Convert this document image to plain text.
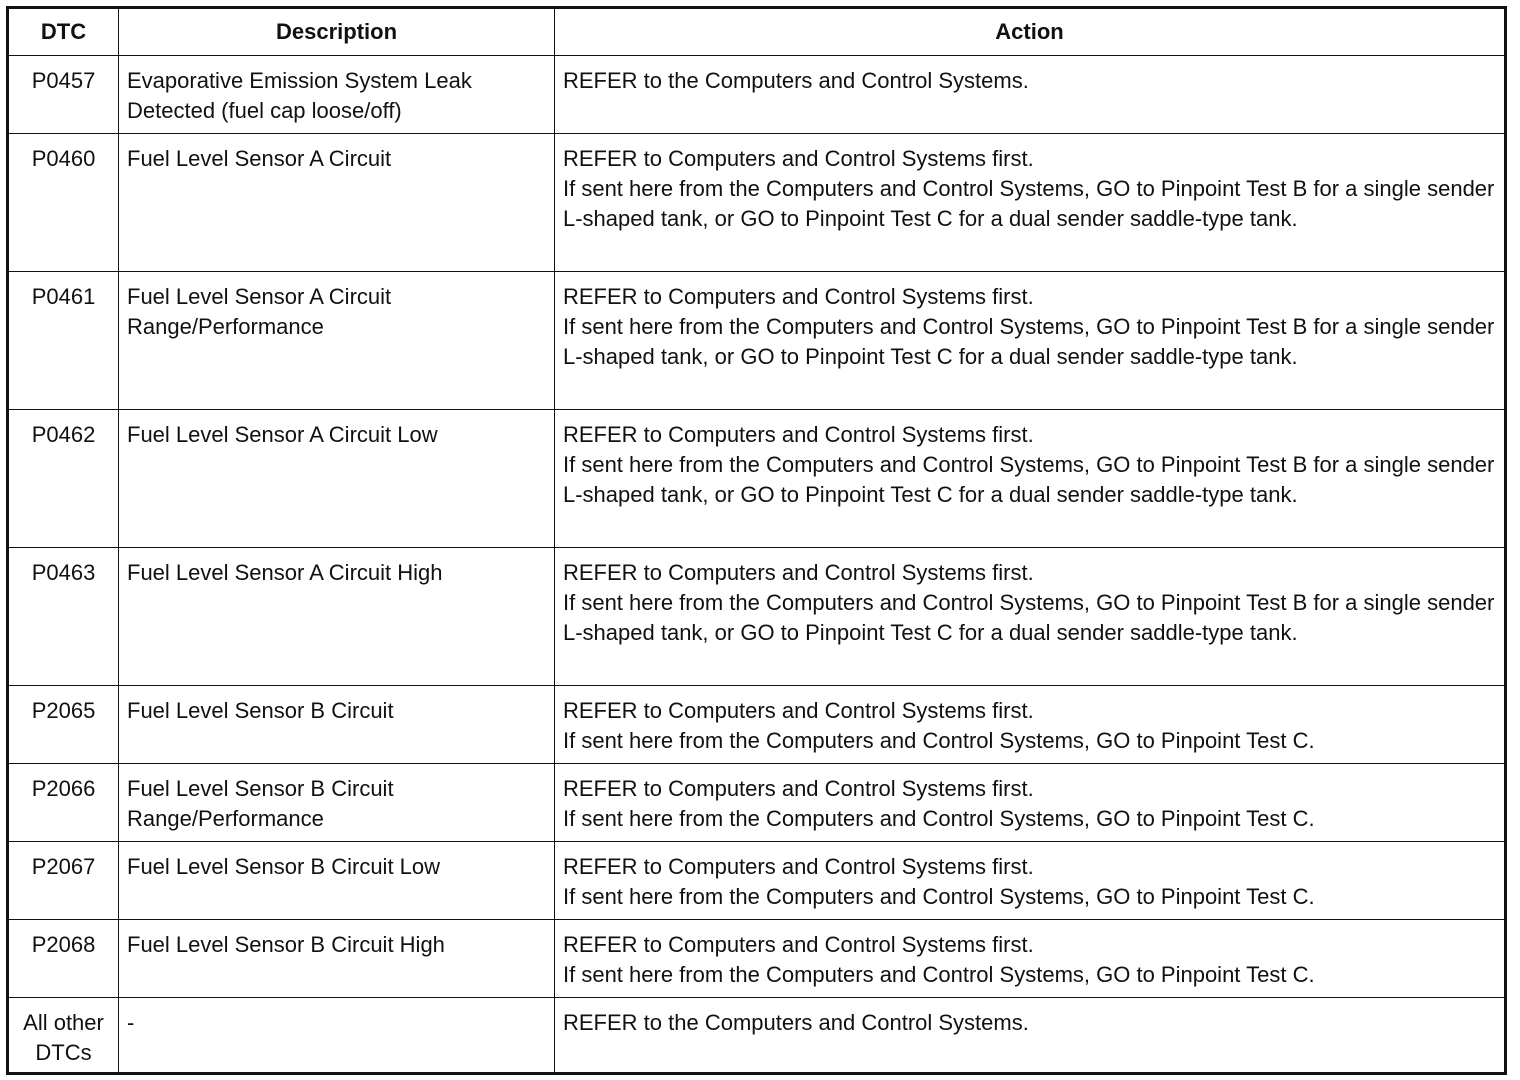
DTC	Description	Action
P0457	Evaporative Emission System Leak Detected (fuel cap loose/off)	REFER to the Computers and Control Systems.

P0460	Fuel Level Sensor A Circuit	REFER to Computers and Control Systems first.
If sent here from the Computers and Control Systems, GO to Pinpoint Test B for a single sender L-shaped tank, or GO to Pinpoint Test C for a dual sender saddle-type tank.

P0461	Fuel Level Sensor A Circuit Range/Performance	REFER to Computers and Control Systems first.
If sent here from the Computers and Control Systems, GO to Pinpoint Test B for a single sender L-shaped tank, or GO to Pinpoint Test C for a dual sender saddle-type tank.

P0462	Fuel Level Sensor A Circuit Low	REFER to Computers and Control Systems first.
If sent here from the Computers and Control Systems, GO to Pinpoint Test B for a single sender L-shaped tank, or GO to Pinpoint Test C for a dual sender saddle-type tank.

P0463	Fuel Level Sensor A Circuit High	REFER to Computers and Control Systems first.
If sent here from the Computers and Control Systems, GO to Pinpoint Test B for a single sender L-shaped tank, or GO to Pinpoint Test C for a dual sender saddle-type tank.

P2065	Fuel Level Sensor B Circuit	REFER to Computers and Control Systems first.
If sent here from the Computers and Control Systems, GO to Pinpoint Test C.

P2066	Fuel Level Sensor B Circuit Range/Performance	REFER to Computers and Control Systems first.
If sent here from the Computers and Control Systems, GO to Pinpoint Test C.

P2067	Fuel Level Sensor B Circuit Low	REFER to Computers and Control Systems first.
If sent here from the Computers and Control Systems, GO to Pinpoint Test C.

P2068	Fuel Level Sensor B Circuit High	REFER to Computers and Control Systems first.
If sent here from the Computers and Control Systems, GO to Pinpoint Test C.

All other DTCs	-	REFER to the Computers and Control Systems.
